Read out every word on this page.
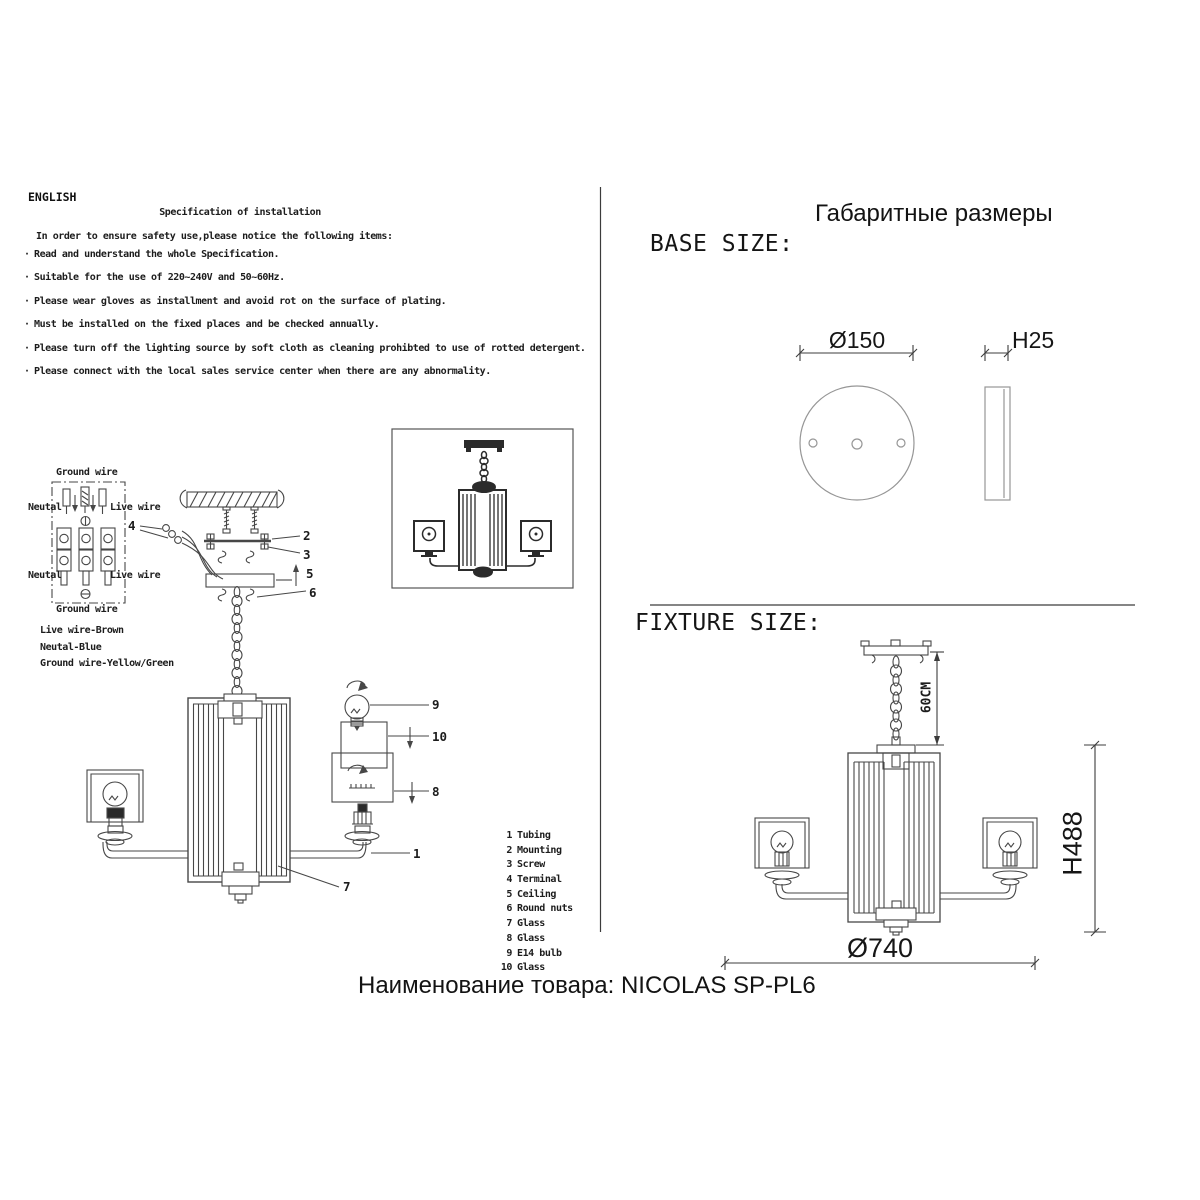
ENGLISH
Specification of installation
In order to ensure safety use,please notice the following items:
· Read and understand the whole Specification.
· Suitable for the use of 220~240V and 50~60Hz.
· Please wear gloves as installment and avoid rot on the surface of plating.
· Must be installed on the fixed places and be checked annually.
· Please turn off the lighting source by soft cloth as cleaning prohibted to use of rotted detergent.
· Please connect with the local sales service center when there are any abnormality.
Ground wire
Neutal	Live wire
Neutal	Live wire
Ground wire
Live wire-Brown
Neutal-Blue
Ground wire-Yellow/Green
4
2
3
5
6
9
10
8
1
7
1 Tubing
2 Mounting
3 Screw
4 Terminal
5 Ceiling
6 Round nuts
7 Glass
8 Glass
9 E14 bulb
10 Glass
Габаритные размеры
BASE SIZE:
FIXTURE SIZE:
Ø150	H25
60CM
H488
Ø740
Наименование товара: NICOLAS SP-PL6
